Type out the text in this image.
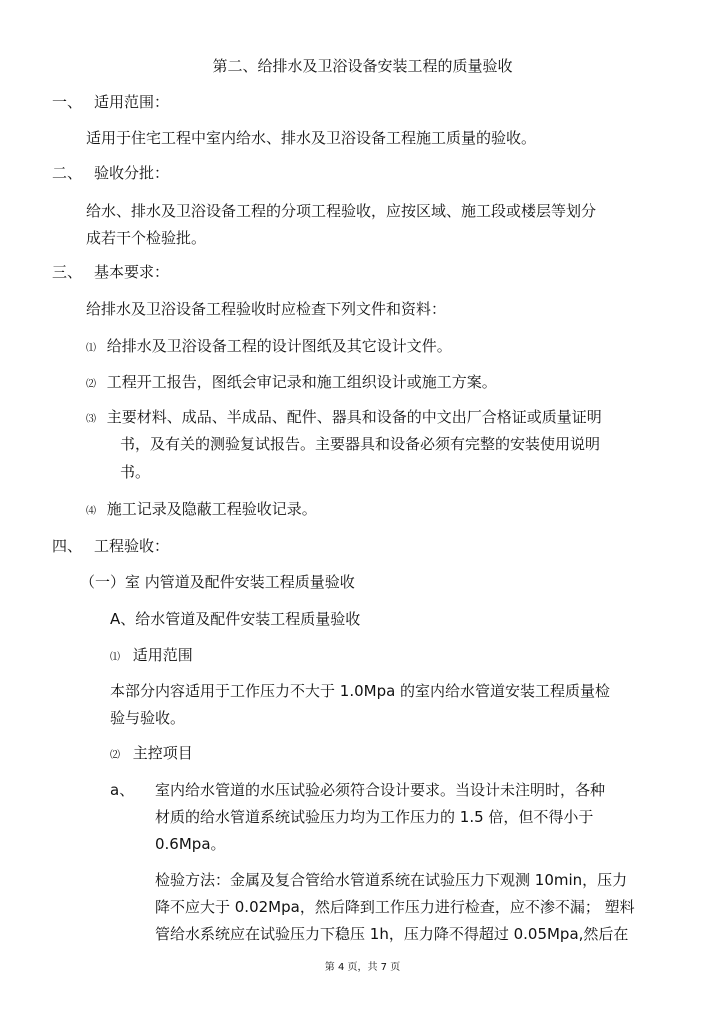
第二、给排水及卫浴设备安装工程的质量验收
一、 适用范围：
适用于住宅工程中室内给水、排水及卫浴设备工程施工质量的验收。
二、 验收分批：
给水、排水及卫浴设备工程的分项工程验收，应按区域、施工段或楼层等划分
成若干个检验批。
三、 基本要求：
给排水及卫浴设备工程验收时应检查下列文件和资料：
⑴ 给排水及卫浴设备工程的设计图纸及其它设计文件。
⑵ 工程开工报告，图纸会审记录和施工组织设计或施工方案。
⑶ 主要材料、成品、半成品、配件、器具和设备的中文出厂合格证或质量证明
书，及有关的测验复试报告。主要器具和设备必须有完整的安装使用说明
书。
⑷ 施工记录及隐蔽工程验收记录。
四、 工程验收：
（一）室 内管道及配件安装工程质量验收
A、给水管道及配件安装工程质量验收
⑴ 适用范围
本部分内容适用于工作压力不大于 1.0Mpa 的室内给水管道安装工程质量检
验与验收。
⑵ 主控项目
a、 室内给水管道的水压试验必须符合设计要求。当设计未注明时，各种
材质的给水管道系统试验压力均为工作压力的 1.5 倍，但不得小于
0.6Mpa。
检验方法：金属及复合管给水管道系统在试验压力下观测 10min，压力
降不应大于 0.02Mpa，然后降到工作压力进行检查，应不渗不漏； 塑料
管给水系统应在试验压力下稳压 1h，压力降不得超过 0.05Mpa,然后在
第 4 页，共 7 页
